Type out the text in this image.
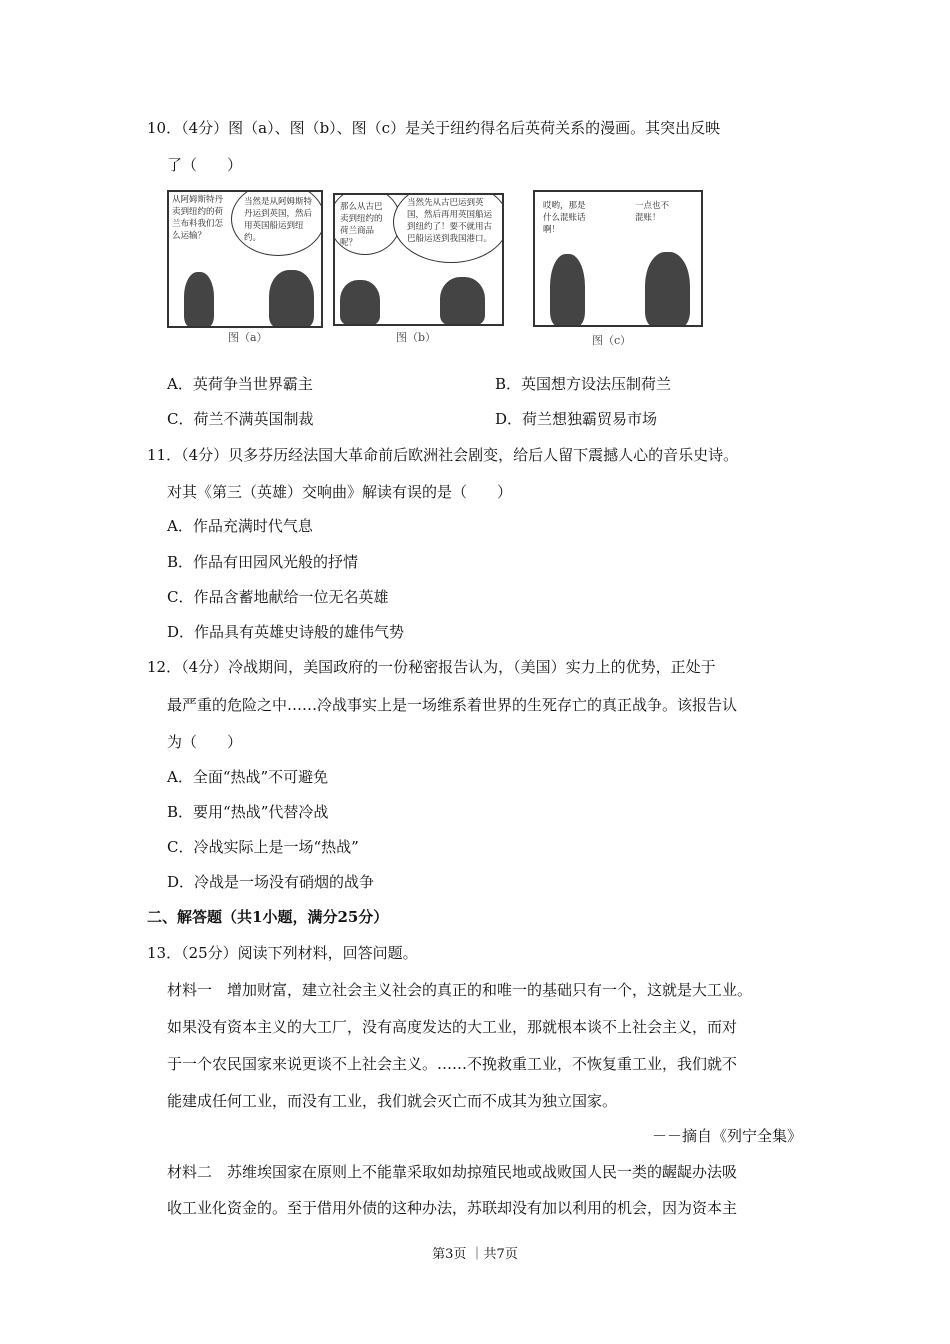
10．（4分）图（a）、图（b）、图（c）是关于纽约得名后英荷关系的漫画。其突出反映
了（　　）
从阿姆斯特丹卖到纽约的荷兰布料我们怎么运输？
当然是从阿姆斯特丹运到英国，然后用英国船运到纽约。
图（a）
那么从古巴卖到纽约的荷兰商品呢？
当然先从古巴运到英国，然后再用英国船运到纽约了！要不就用古巴船运送到我国港口。
图（b）
哎哟，那是什么混账话啊！
一点也不混账！
图（c）
A．英荷争当世界霸主	B．英国想方设法压制荷兰
C．荷兰不满英国制裁	D．荷兰想独霸贸易市场
11．（4分）贝多芬历经法国大革命前后欧洲社会剧变，给后人留下震撼人心的音乐史诗。
对其《第三（英雄）交响曲》解读有误的是（　　）
A．作品充满时代气息
B．作品有田园风光般的抒情
C．作品含蓄地献给一位无名英雄
D．作品具有英雄史诗般的雄伟气势
12．（4分）冷战期间，美国政府的一份秘密报告认为，（美国）实力上的优势，正处于
最严重的危险之中……冷战事实上是一场维系着世界的生死存亡的真正战争。该报告认
为（　　）
A．全面“热战”不可避免
B．要用“热战”代替冷战
C．冷战实际上是一场“热战”
D．冷战是一场没有硝烟的战争
二、解答题（共1小题，满分25分）
13．（25分）阅读下列材料，回答问题。
材料一　增加财富，建立社会主义社会的真正的和唯一的基础只有一个，这就是大工业。
如果没有资本主义的大工厂，没有高度发达的大工业，那就根本谈不上社会主义，而对
于一个农民国家来说更谈不上社会主义。……不挽救重工业，不恢复重工业，我们就不
能建成任何工业，而没有工业，我们就会灭亡而不成其为独立国家。
－－摘自《列宁全集》
材料二　苏维埃国家在原则上不能靠采取如劫掠殖民地或战败国人民一类的龌龊办法吸
收工业化资金的。至于借用外债的这种办法，苏联却没有加以利用的机会，因为资本主
第3页 ｜共7页
